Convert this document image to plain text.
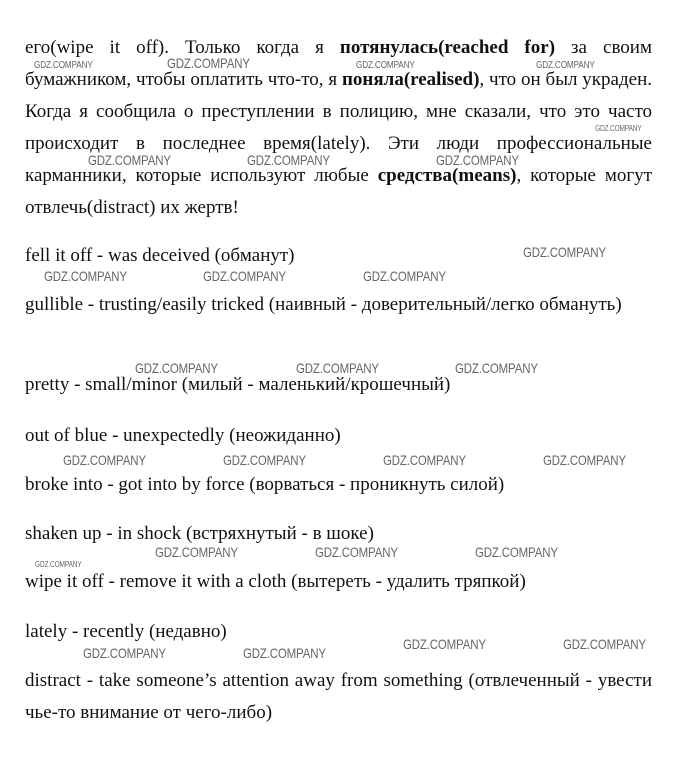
его(wipe it off). Только когда я потянулась(reached for) за своим бумажником, чтобы оплатить что-то, я поняла(realised), что он был украден. Когда я сообщила о преступлении в полицию, мне сказали, что это часто происходит в последнее время(lately). Эти люди профессиональные карманники, которые используют любые средства(means), которые могут отвлечь(distract) их жертв!
fell it off - was deceived (обманут)
gullible - trusting/easily tricked (наивный - доверительный/легко обмануть)
pretty - small/minor (милый - маленький/крошечный)
out of blue - unexpectedly (неожиданно)
broke into - got into by force (ворваться - проникнуть силой)
shaken up - in shock (встряхнутый - в шоке)
wipe it off - remove it with a cloth (вытереть - удалить тряпкой)
lately - recently (недавно)
distract - take someone’s attention away from something (отвлеченный - увести чье-то внимание от чего-либо)
GDZ.COMPANY	GDZ.COMPANY	GDZ.COMPANY	GDZ.COMPANY
GDZ.COMPANY
GDZ.COMPANY	GDZ.COMPANY	GDZ.COMPANY
GDZ.COMPANY
GDZ.COMPANY	GDZ.COMPANY	GDZ.COMPANY
GDZ.COMPANY	GDZ.COMPANY	GDZ.COMPANY
GDZ.COMPANY	GDZ.COMPANY	GDZ.COMPANY	GDZ.COMPANY
GDZ.COMPANY	GDZ.COMPANY	GDZ.COMPANY
GDZ.COMPANY
GDZ.COMPANY	GDZ.COMPANY
GDZ.COMPANY	GDZ.COMPANY
